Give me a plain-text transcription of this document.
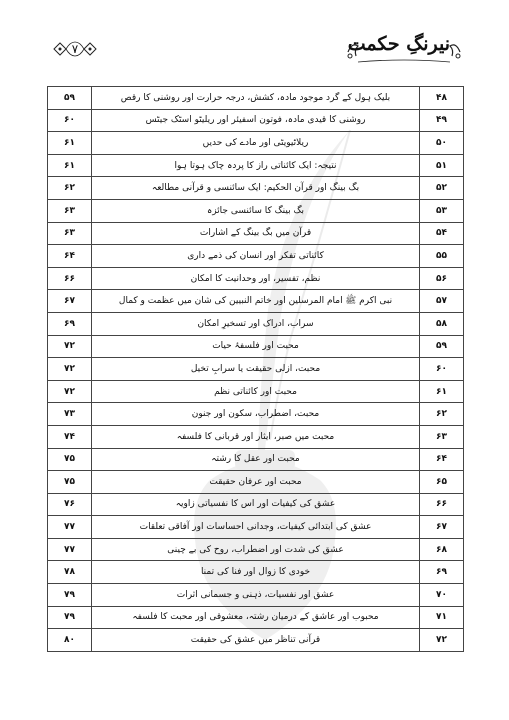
٧	نیرنگِ حکمت
۴۸	بلیک ہول کے گرد موجود مادہ، کشش، درجہ حرارت اور روشنی کا رقص	۵۹
۴۹	روشنی کا قیدی مادہ، فوتون اسفیئر اور ریلیٹو اسٹک جیٹس	۶۰
۵۰	ریلاٹیویٹی اور مادے کی حدیں	۶۱
۵۱	نتیجہ: ایک کائناتی راز کا پردہ چاک ہوتا ہوا	۶۱
۵۲	بگ بینگ اور قرآن الحکیم: ایک سائنسی و قرآنی مطالعہ	۶۲
۵۳	بگ بینگ کا سائنسی جائزہ	۶۳
۵۴	قرآن میں بگ بینگ کے اشارات	۶۳
۵۵	کائناتی تفکر اور انسان کی ذمے داری	۶۴
۵۶	نظم، تفسیر، اور وحدانیت کا امکان	۶۶
۵۷	نبی اکرم ﷺ امام المرسلین اور خاتم النبیین کی شان میں عظمت و کمال	۶۷
۵۸	سراب، ادراک اور تسخیرِ امکان	۶۹
۵۹	محبت اور فلسفۂ حیات	۷۲
۶۰	محبت، ازلی حقیقت یا سرابِ تخیل	۷۲
۶۱	محبت اور کائناتی نظم	۷۲
۶۲	محبت، اضطراب، سکون اور جنون	۷۳
۶۳	محبت میں صبر، ایثار اور قربانی کا فلسفہ	۷۴
۶۴	محبت اور عقل کا رشتہ	۷۵
۶۵	محبت اور عرفان حقیقت	۷۵
۶۶	عشق کی کیفیات اور اس کا نفسیاتی زاویہ	۷۶
۶۷	عشق کی ابتدائی کیفیات، وجدانی احساسات اور آفاقی تعلقات	۷۷
۶۸	عشق کی شدت اور اضطراب، روح کی بے چینی	۷۷
۶۹	خودی کا زوال اور فنا کی تمنا	۷۸
۷۰	عشق اور نفسیات، ذہنی و جسمانی اثرات	۷۹
۷۱	محبوب اور عاشق کے درمیان رشتہ، معشوقی اور محبت کا فلسفہ	۷۹
۷۲	قرآنی تناظر میں عشق کی حقیقت	۸۰
